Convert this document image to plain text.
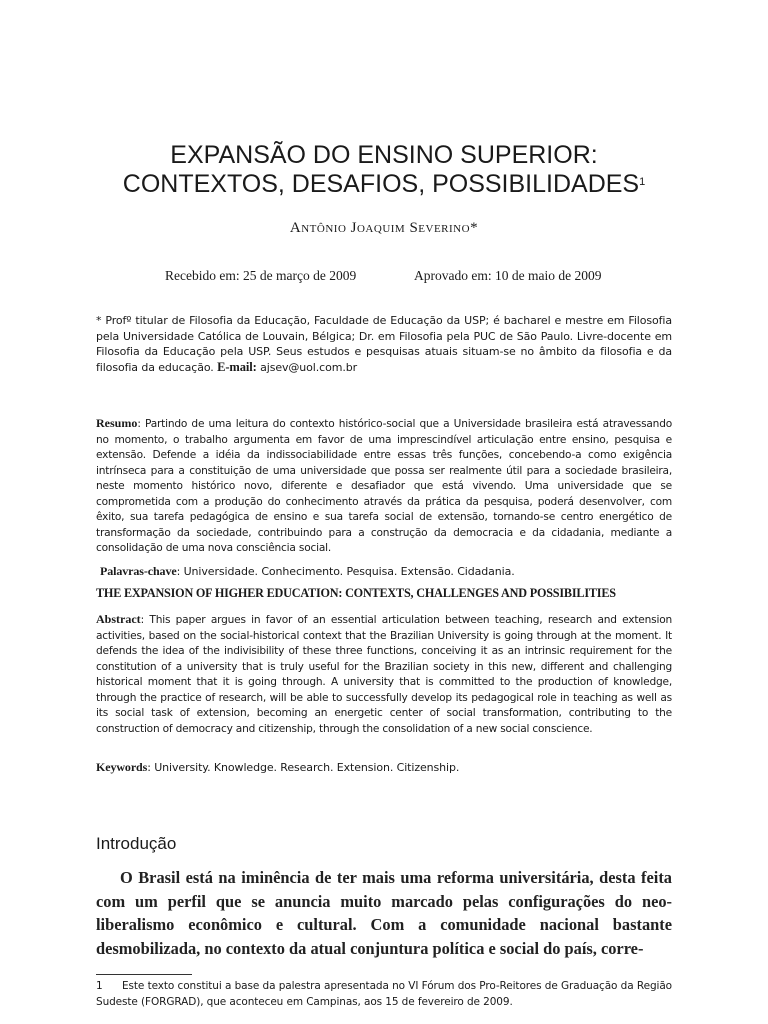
EXPANSÃO DO ENSINO SUPERIOR:
CONTEXTOS, DESAFIOS, POSSIBILIDADES$^1$
Antônio Joaquim Severino*
Recebido em: 25 de março de 2009	Aprovado em: 10 de maio de 2009
* Profº titular de Filosofia da Educação, Faculdade de Educação da USP; é bacharel e mestre em Filosofia pela Universidade Católica de Louvain, Bélgica; Dr. em Filosofia pela PUC de São Paulo. Livre-docente em Filosofia da Educação pela USP. Seus estudos e pesquisas atuais situam-se no âmbito da filosofia e da filosofia da educação. E-mail: ajsev@uol.com.br
Resumo: Partindo de uma leitura do contexto histórico-social que a Universidade brasileira está atravessando no momento, o trabalho argumenta em favor de uma imprescindível articulação entre ensino, pesquisa e extensão. Defende a idéia da indissociabilidade entre essas três funções, concebendo-a como exigência intrínseca para a constituição de uma universidade que possa ser realmente útil para a sociedade brasileira, neste momento histórico novo, diferente e desafiador que está vivendo. Uma universidade que se comprometida com a produção do conhecimento através da prática da pesquisa, poderá desenvolver, com êxito, sua tarefa pedagógica de ensino e sua tarefa social de extensão, tornando-se centro energético de transformação da sociedade, contribuindo para a construção da democracia e da cidadania, mediante a consolidação de uma nova consciência social.
Palavras-chave: Universidade. Conhecimento. Pesquisa. Extensão. Cidadania.
THE EXPANSION OF HIGHER EDUCATION: CONTEXTS, CHALLENGES AND POSSIBILITIES
Abstract: This paper argues in favor of an essential articulation between teaching, research and extension activities, based on the social-historical context that the Brazilian University is going through at the moment. It defends the idea of the indivisibility of these three functions, conceiving it as an intrinsic requirement for the constitution of a university that is truly useful for the Brazilian society in this new, different and challenging historical moment that it is going through. A university that is committed to the production of knowledge, through the practice of research, will be able to successfully develop its pedagogical role in teaching as well as its social task of extension, becoming an energetic center of social transformation, contributing to the construction of democracy and citizenship, through the consolidation of a new social conscience.
Keywords: University. Knowledge. Research. Extension. Citizenship.
Introdução
O Brasil está na iminência de ter mais uma reforma universitária, desta feita com um perfil que se anuncia muito marcado pelas configurações do neo-liberalismo econômico e cultural. Com a comunidade nacional bastante desmobilizada, no contexto da atual conjuntura política e social do país, corre-
1 Este texto constitui a base da palestra apresentada no VI Fórum dos Pro-Reitores de Graduação da Região Sudeste (FORGRAD), que aconteceu em Campinas, aos 15 de fevereiro de 2009.
